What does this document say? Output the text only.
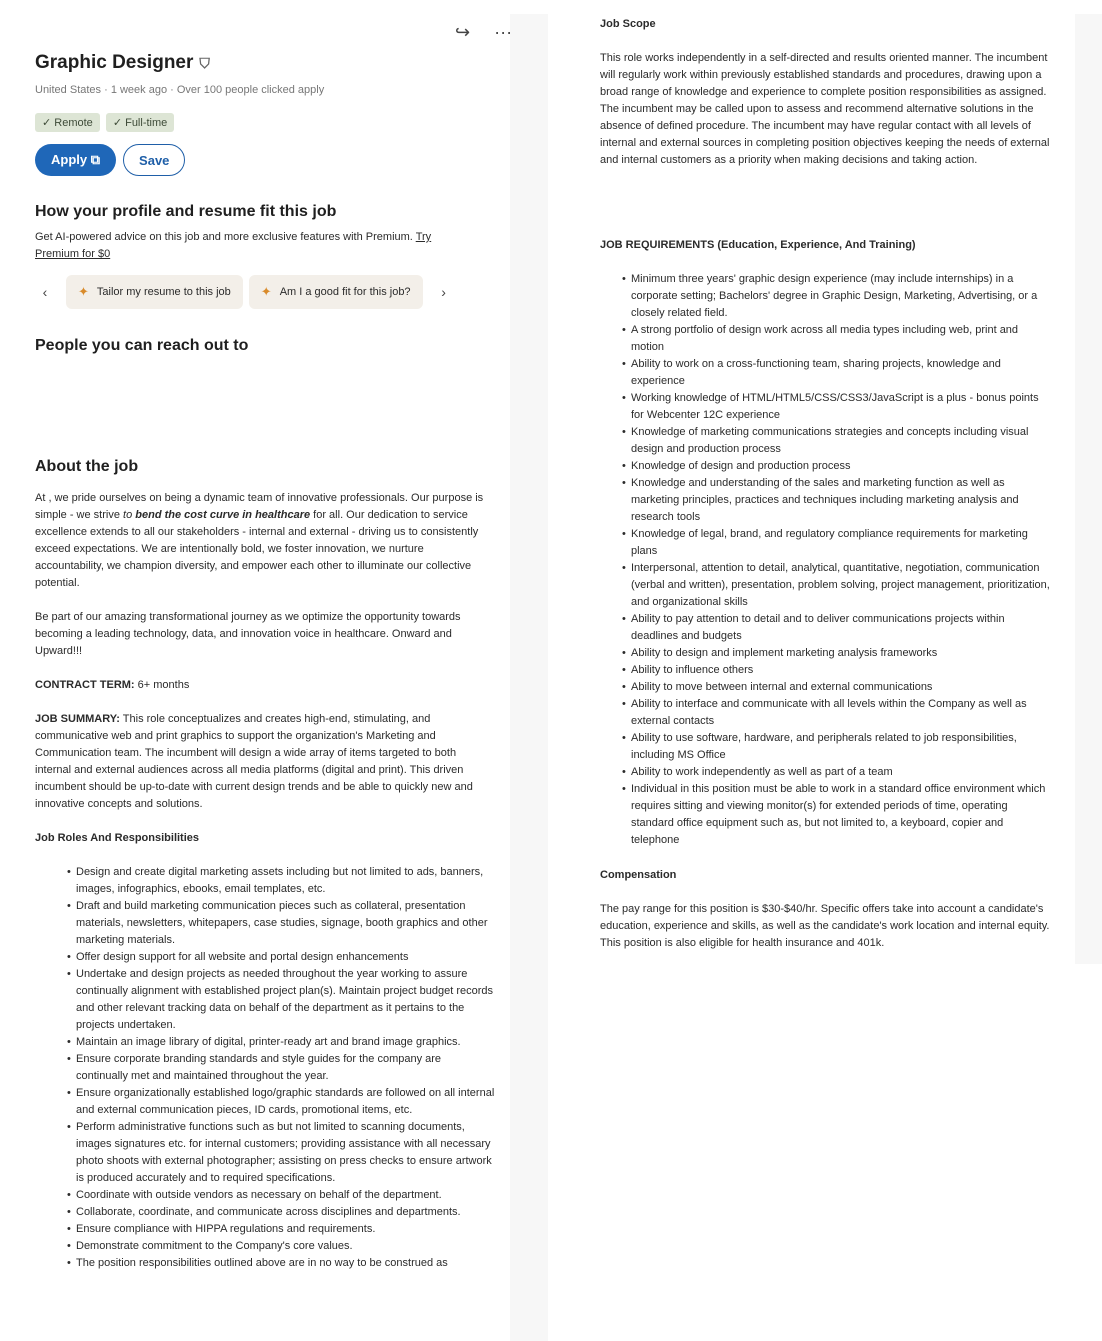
↪ ···
Graphic Designer ⛉
United States · 1 week ago · Over 100 people clicked apply
✓ Remote	✓ Full-time
Apply ⧉	Save
How your profile and resume fit this job
Get AI-powered advice on this job and more exclusive features with Premium. Try Premium for $0
‹	✦ Tailor my resume to this job ✦ Am I a good fit for this job?	›
People you can reach out to
About the job

At , we pride ourselves on being a dynamic team of innovative professionals. Our purpose is simple - we strive to bend the cost curve in healthcare for all. Our dedication to service excellence extends to all our stakeholders - internal and external - driving us to consistently exceed expectations. We are intentionally bold, we foster innovation, we nurture accountability, we champion diversity, and empower each other to illuminate our collective potential.

Be part of our amazing transformational journey as we optimize the opportunity towards becoming a leading technology, data, and innovation voice in healthcare. Onward and Upward!!!

CONTRACT TERM: 6+ months

JOB SUMMARY: This role conceptualizes and creates high-end, stimulating, and communicative web and print graphics to support the organization's Marketing and Communication team. The incumbent will design a wide array of items targeted to both internal and external audiences across all media platforms (digital and print). This driven incumbent should be up-to-date with current design trends and be able to quickly new and innovative concepts and solutions.

Job Roles And Responsibilities

• Design and create digital marketing assets including but not limited to ads, banners, images, infographics, ebooks, email templates, etc.
• Draft and build marketing communication pieces such as collateral, presentation materials, newsletters, whitepapers, case studies, signage, booth graphics and other marketing materials.
• Offer design support for all website and portal design enhancements
• Undertake and design projects as needed throughout the year working to assure continually alignment with established project plan(s). Maintain project budget records and other relevant tracking data on behalf of the department as it pertains to the projects undertaken.
• Maintain an image library of digital, printer-ready art and brand image graphics.
• Ensure corporate branding standards and style guides for the company are continually met and maintained throughout the year.
• Ensure organizationally established logo/graphic standards are followed on all internal and external communication pieces, ID cards, promotional items, etc.
• Perform administrative functions such as but not limited to scanning documents, images signatures etc. for internal customers; providing assistance with all necessary photo shoots with external photographer; assisting on press checks to ensure artwork is produced accurately and to required specifications.
• Coordinate with outside vendors as necessary on behalf of the department.
• Collaborate, coordinate, and communicate across disciplines and departments.
• Ensure compliance with HIPPA regulations and requirements.
• Demonstrate commitment to the Company's core values.
• The position responsibilities outlined above are in no way to be construed as
Job Scope
This role works independently in a self-directed and results oriented manner. The incumbent will regularly work within previously established standards and procedures, drawing upon a broad range of knowledge and experience to complete position responsibilities as assigned. The incumbent may be called upon to assess and recommend alternative solutions in the absence of defined procedure. The incumbent may have regular contact with all levels of internal and external sources in completing position objectives keeping the needs of external and internal customers as a priority when making decisions and taking action.
JOB REQUIREMENTS (Education, Experience, And Training)
• Minimum three years' graphic design experience (may include internships) in a corporate setting; Bachelors' degree in Graphic Design, Marketing, Advertising, or a closely related field.
• A strong portfolio of design work across all media types including web, print and motion
• Ability to work on a cross-functioning team, sharing projects, knowledge and experience
• Working knowledge of HTML/HTML5/CSS/CSS3/JavaScript is a plus - bonus points for Webcenter 12C experience
• Knowledge of marketing communications strategies and concepts including visual design and production process
• Knowledge of design and production process
• Knowledge and understanding of the sales and marketing function as well as marketing principles, practices and techniques including marketing analysis and research tools
• Knowledge of legal, brand, and regulatory compliance requirements for marketing plans
• Interpersonal, attention to detail, analytical, quantitative, negotiation, communication (verbal and written), presentation, problem solving, project management, prioritization, and organizational skills
• Ability to pay attention to detail and to deliver communications projects within deadlines and budgets
• Ability to design and implement marketing analysis frameworks
• Ability to influence others
• Ability to move between internal and external communications
• Ability to interface and communicate with all levels within the Company as well as external contacts
• Ability to use software, hardware, and peripherals related to job responsibilities, including MS Office
• Ability to work independently as well as part of a team
• Individual in this position must be able to work in a standard office environment which requires sitting and viewing monitor(s) for extended periods of time, operating standard office equipment such as, but not limited to, a keyboard, copier and telephone
Compensation
The pay range for this position is $30-$40/hr. Specific offers take into account a candidate's education, experience and skills, as well as the candidate's work location and internal equity. This position is also eligible for health insurance and 401k.
